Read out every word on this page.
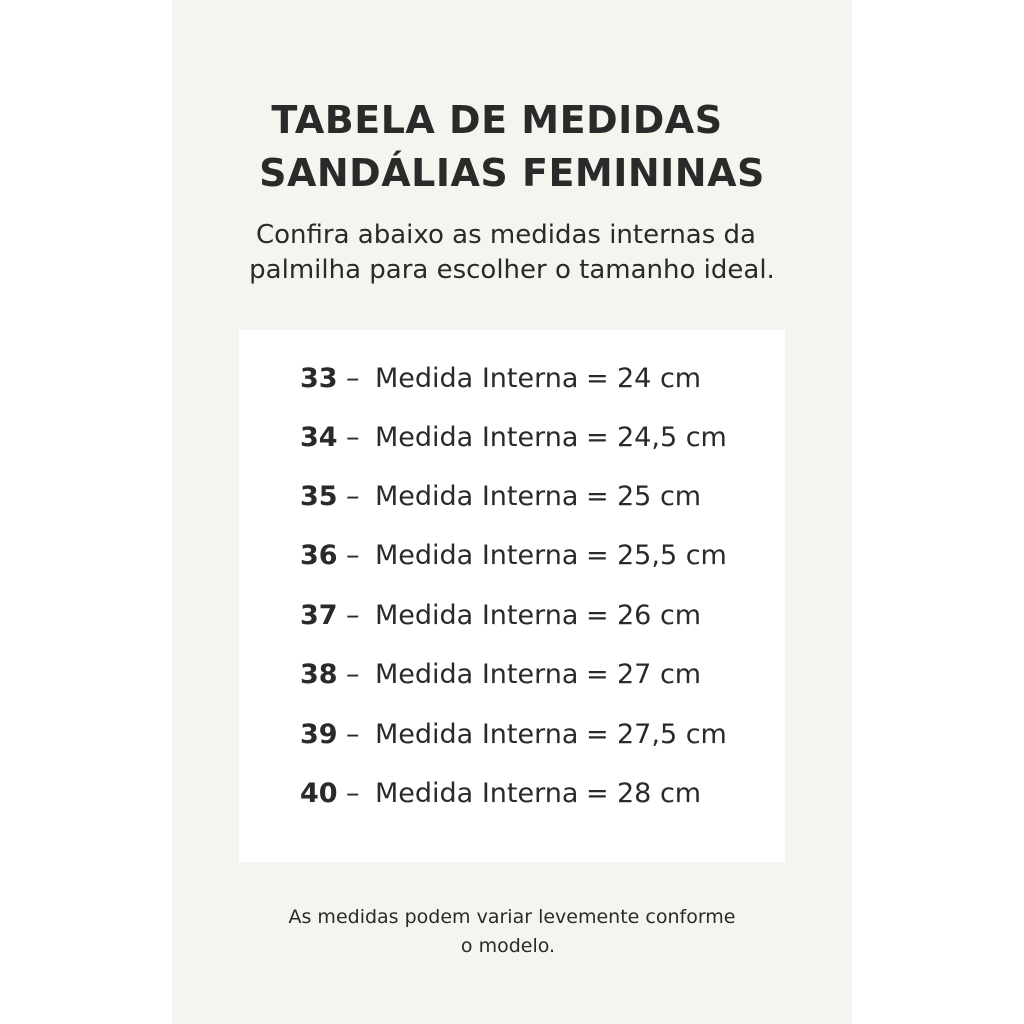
TABELA DE MEDIDAS
SANDÁLIAS FEMININAS
Confira abaixo as medidas internas da
palmilha para escolher o tamanho ideal.
33 – Medida Interna = 24 cm
34 – Medida Interna = 24,5 cm
35 – Medida Interna = 25 cm
36 – Medida Interna = 25,5 cm
37 – Medida Interna = 26 cm
38 – Medida Interna = 27 cm
39 – Medida Interna = 27,5 cm
40 – Medida Interna = 28 cm
As medidas podem variar levemente conforme
o modelo.
